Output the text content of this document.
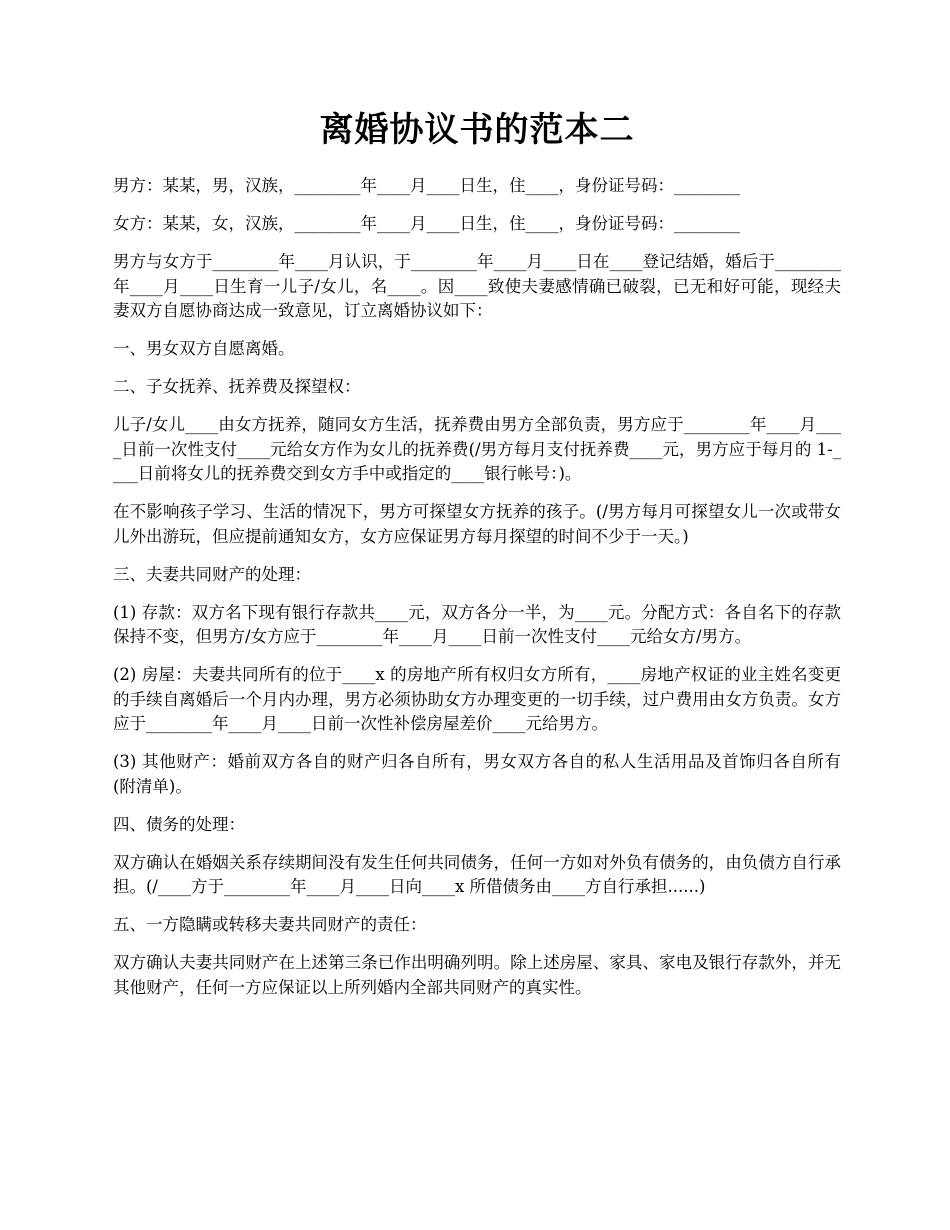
离婚协议书的范本二

男方：某某，男，汉族，________年____月____日生，住____，身份证号码：________

女方：某某，女，汉族，________年____月____日生，住____，身份证号码：________

男方与女方于________年____月认识，于________年____月____日在____登记结婚，婚后于________年____月____日生育一儿子/女儿，名____。因____致使夫妻感情确已破裂，已无和好可能，现经夫妻双方自愿协商达成一致意见，订立离婚协议如下：

一、男女双方自愿离婚。

二、子女抚养、抚养费及探望权：

儿子/女儿____由女方抚养，随同女方生活，抚养费由男方全部负责，男方应于________年____月____日前一次性支付____元给女方作为女儿的抚养费(/男方每月支付抚养费____元，男方应于每月的 1-____日前将女儿的抚养费交到女方手中或指定的____银行帐号：)。

在不影响孩子学习、生活的情况下，男方可探望女方抚养的孩子。(/男方每月可探望女儿一次或带女儿外出游玩，但应提前通知女方，女方应保证男方每月探望的时间不少于一天。)

三、夫妻共同财产的处理：

(1) 存款：双方名下现有银行存款共____元，双方各分一半，为____元。分配方式：各自名下的存款保持不变，但男方/女方应于________年____月____日前一次性支付____元给女方/男方。

(2) 房屋：夫妻共同所有的位于____x 的房地产所有权归女方所有，____房地产权证的业主姓名变更的手续自离婚后一个月内办理，男方必须协助女方办理变更的一切手续，过户费用由女方负责。女方应于________年____月____日前一次性补偿房屋差价____元给男方。

(3) 其他财产：婚前双方各自的财产归各自所有，男女双方各自的私人生活用品及首饰归各自所有(附清单)。

四、债务的处理：

双方确认在婚姻关系存续期间没有发生任何共同债务，任何一方如对外负有债务的，由负债方自行承担。(/____方于________年____月____日向____x 所借债务由____方自行承担......)

五、一方隐瞒或转移夫妻共同财产的责任：

双方确认夫妻共同财产在上述第三条已作出明确列明。除上述房屋、家具、家电及银行存款外，并无其他财产，任何一方应保证以上所列婚内全部共同财产的真实性。
